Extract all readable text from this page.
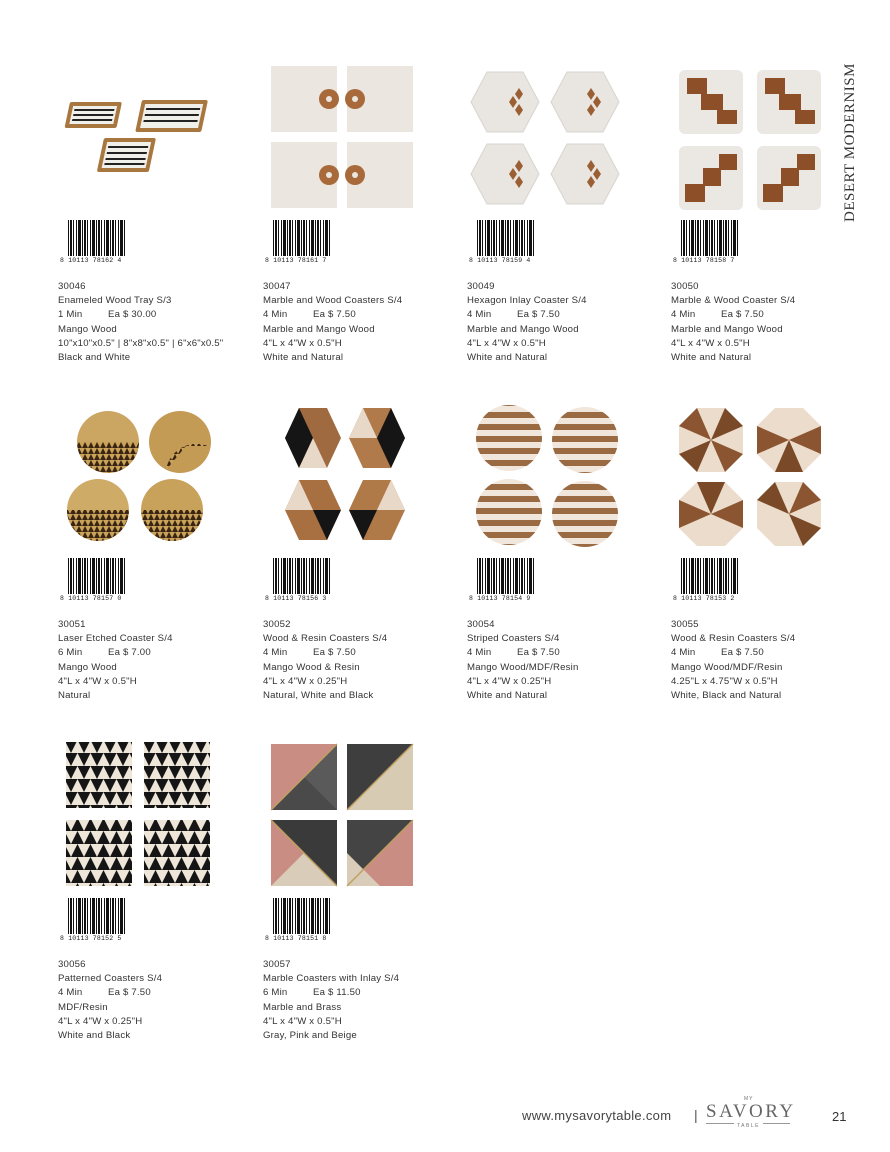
DESERT MODERNISM
8 10113 78162 4
30046
Enameled Wood Tray S/3
1 Min	Ea $ 30.00
Mango Wood
10"x10"x0.5" | 8"x8"x0.5" | 6"x6"x0.5"
Black and White
8 10113 78161 7
30047
Marble and Wood Coasters S/4
4 Min	Ea $ 7.50
Marble and Mango Wood
4"L x 4"W x 0.5"H
White and Natural
8 10113 78159 4
30049
Hexagon Inlay Coaster S/4
4 Min	Ea $ 7.50
Marble and Mango Wood
4"L x 4"W x 0.5"H
White and Natural
8 10113 78158 7
30050
Marble & Wood Coaster S/4
4 Min	Ea $ 7.50
Marble and Mango Wood
4"L x 4"W x 0.5"H
White and Natural
8 10113 78157 0
30051
Laser Etched Coaster S/4
6 Min	Ea $ 7.00
Mango Wood
4"L x 4"W x 0.5"H
Natural
8 10113 78156 3
30052
Wood & Resin Coasters S/4
4 Min	Ea $ 7.50
Mango Wood & Resin
4"L x 4"W x 0.25"H
Natural, White and Black
8 10113 78154 9
30054
Striped Coasters S/4
4 Min	Ea $ 7.50
Mango Wood/MDF/Resin
4"L x 4"W x 0.25"H
White and Natural
8 10113 78153 2
30055
Wood & Resin Coasters S/4
4 Min	Ea $ 7.50
Mango Wood/MDF/Resin
4.25"L x 4.75"W x 0.5"H
White, Black and Natural
8 10113 78152 5
30056
Patterned Coasters S/4
4 Min	Ea $ 7.50
MDF/Resin
4"L x 4"W x 0.25"H
White and Black
8 10113 78151 8
30057
Marble Coasters with Inlay S/4
6 Min	Ea $ 11.50
Marble and Brass
4"L x 4"W x 0.5"H
Gray, Pink and Beige
www.mysavorytable.com |
MY
SAVORY
TABLE
21
